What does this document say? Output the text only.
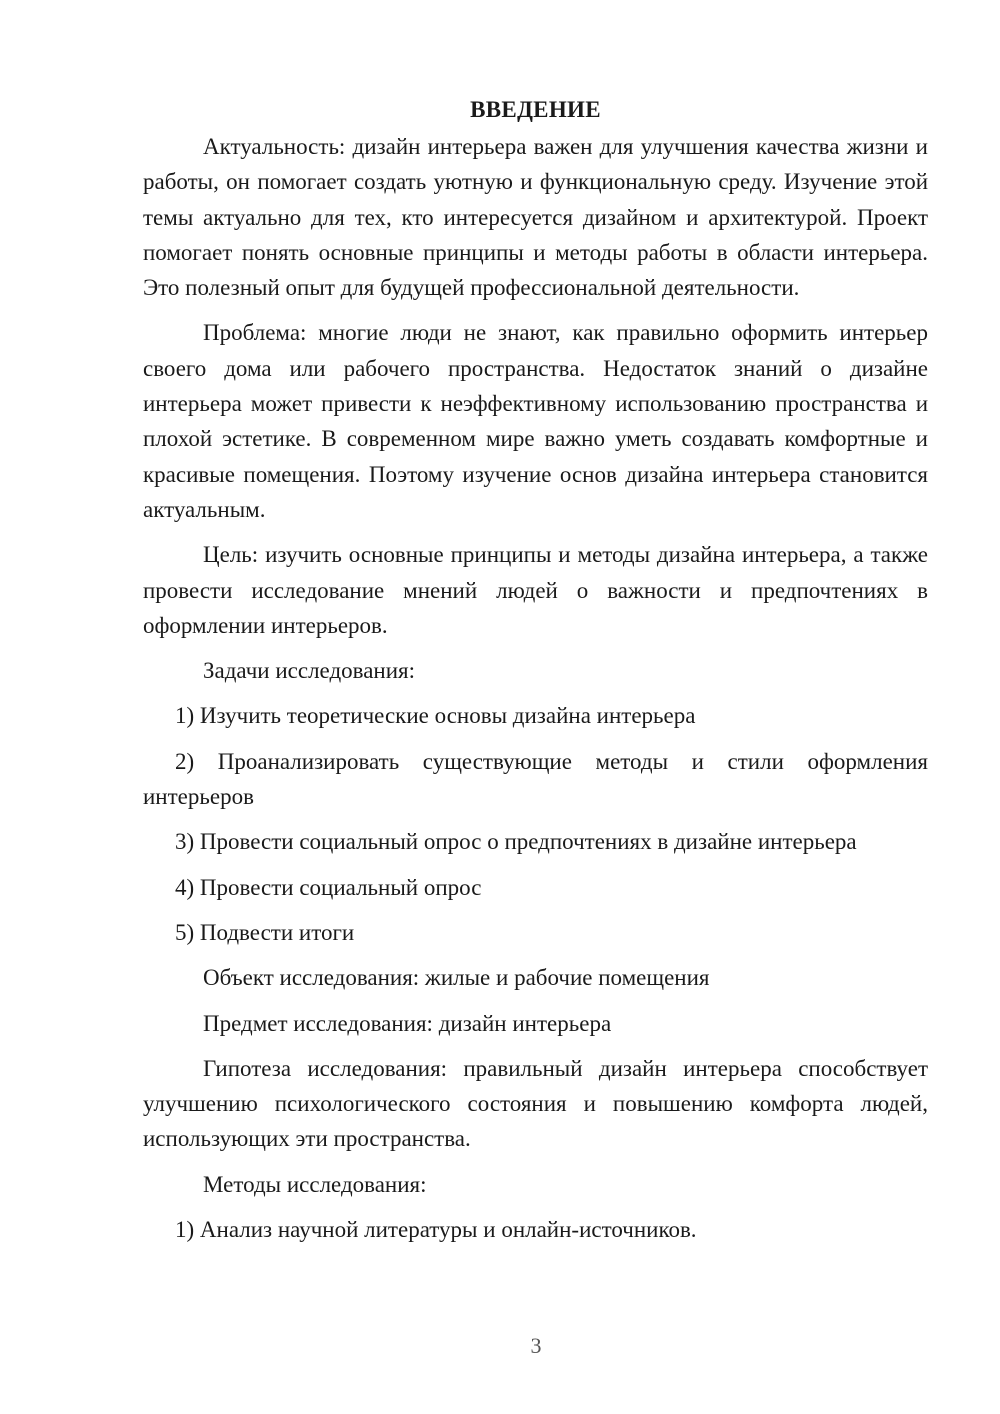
ВВЕДЕНИЕ

Актуальность: дизайн интерьера важен для улучшения качества жизни и работы, он помогает создать уютную и функциональную среду. Изучение этой темы актуально для тех, кто интересуется дизайном и архитектурой. Проект помогает понять основные принципы и методы работы в области интерьера. Это полезный опыт для будущей профессиональной деятельности.

Проблема: многие люди не знают, как правильно оформить интерьер своего дома или рабочего пространства. Недостаток знаний о дизайне интерьера может привести к неэффективному использованию пространства и плохой эстетике. В современном мире важно уметь создавать комфортные и красивые помещения. Поэтому изучение основ дизайна интерьера становится актуальным.

Цель: изучить основные принципы и методы дизайна интерьера, а также провести исследование мнений людей о важности и предпочтениях в оформлении интерьеров.

Задачи исследования:

1) Изучить теоретические основы дизайна интерьера

2) Проанализировать существующие методы и стили оформления интерьеров

3) Провести социальный опрос о предпочтениях в дизайне интерьера

4) Провести социальный опрос

5) Подвести итоги

Объект исследования: жилые и рабочие помещения

Предмет исследования: дизайн интерьера

Гипотеза исследования: правильный дизайн интерьера способствует улучшению психологического состояния и повышению комфорта людей, использующих эти пространства.

Методы исследования:

1) Анализ научной литературы и онлайн-источников.

3
